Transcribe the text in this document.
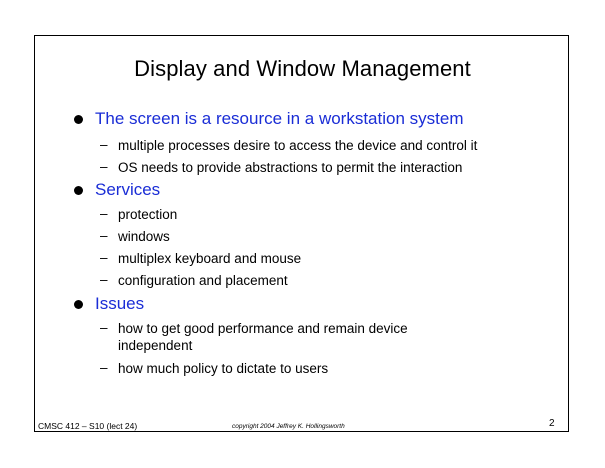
Display and Window Management
The screen is a resource in a workstation system
– multiple processes desire to access the device and control it
– OS needs to provide abstractions to permit the interaction
Services
– protection
– windows
– multiplex keyboard and mouse
– configuration and placement
Issues
– how to get good performance and remain device independent
– how much policy to dictate to users
CMSC 412 – S10 (lect 24)	copyright 2004 Jeffrey K. Hollingsworth	2
